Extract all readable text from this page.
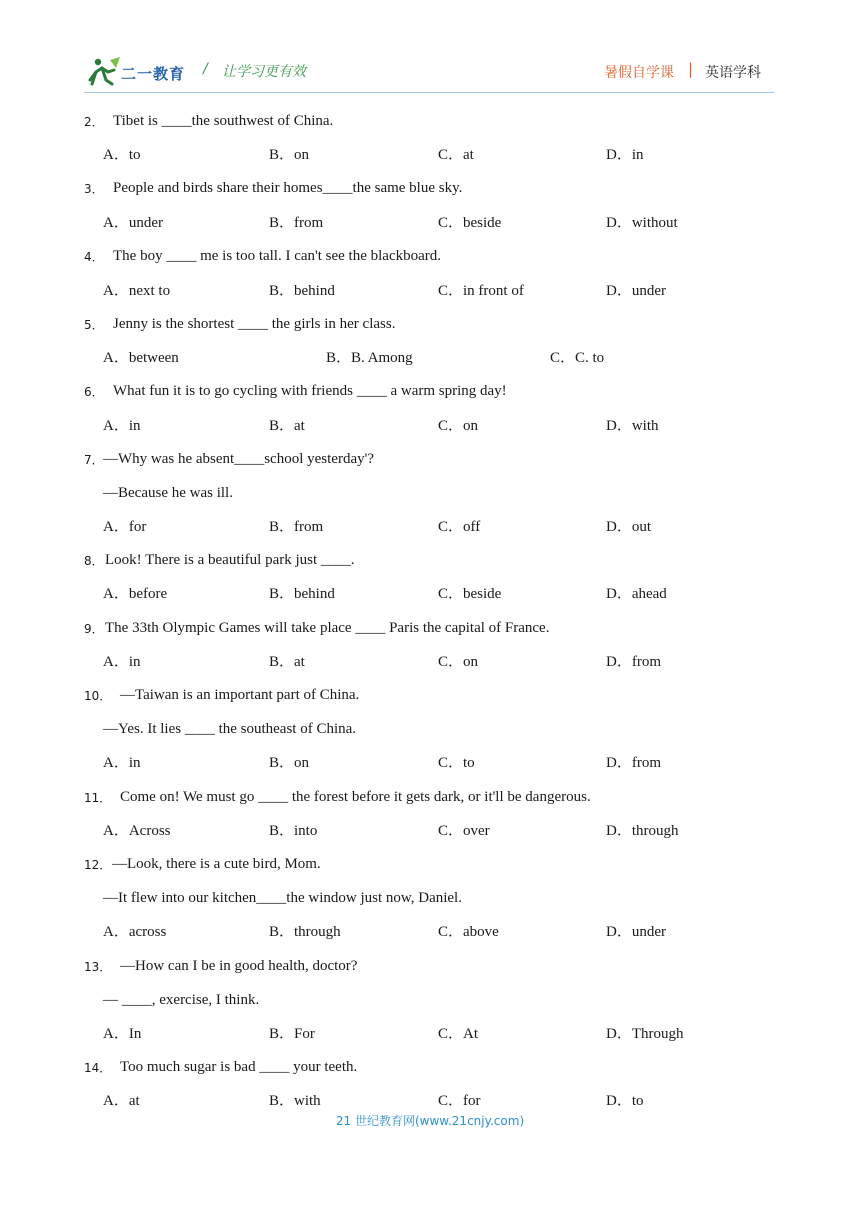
二一教育 / 让学习更有效	暑假自学课 | 英语学科
2． Tibet is ____the southwest of China.
A．to	B．on	C．at	D．in
3． People and birds share their homes____the same blue sky.
A．under	B．from	C．beside	D．without
4． The boy ____ me is too tall. I can't see the blackboard.
A．next to	B．behind	C．in front of	D．under
5． Jenny is the shortest ____ the girls in her class.
A．between	B．B. Among	C．C. to
6． What fun it is to go cycling with friends ____ a warm spring day!
A．in	B．at	C．on	D．with
7． —Why was he absent____school yesterday'?
—Because he was ill.
A．for	B．from	C．off	D．out
8． Look! There is a beautiful park just ____.
A．before	B．behind	C．beside	D．ahead
9． The 33th Olympic Games will take place ____ Paris the capital of France.
A．in	B．at	C．on	D．from
10． —Taiwan is an important part of China.
—Yes. It lies ____ the southeast of China.
A．in	B．on	C．to	D．from
11． Come on! We must go ____ the forest before it gets dark, or it'll be dangerous.
A．Across	B．into	C．over	D．through
12． —Look, there is a cute bird, Mom.
—It flew into our kitchen____the window just now, Daniel.
A．across	B．through	C．above	D．under
13． —How can I be in good health, doctor?
— ____, exercise, I think.
A．In	B．For	C．At	D．Through
14． Too much sugar is bad ____ your teeth.
A．at	B．with	C．for	D．to
21 世纪教育网(www.21cnjy.com)
